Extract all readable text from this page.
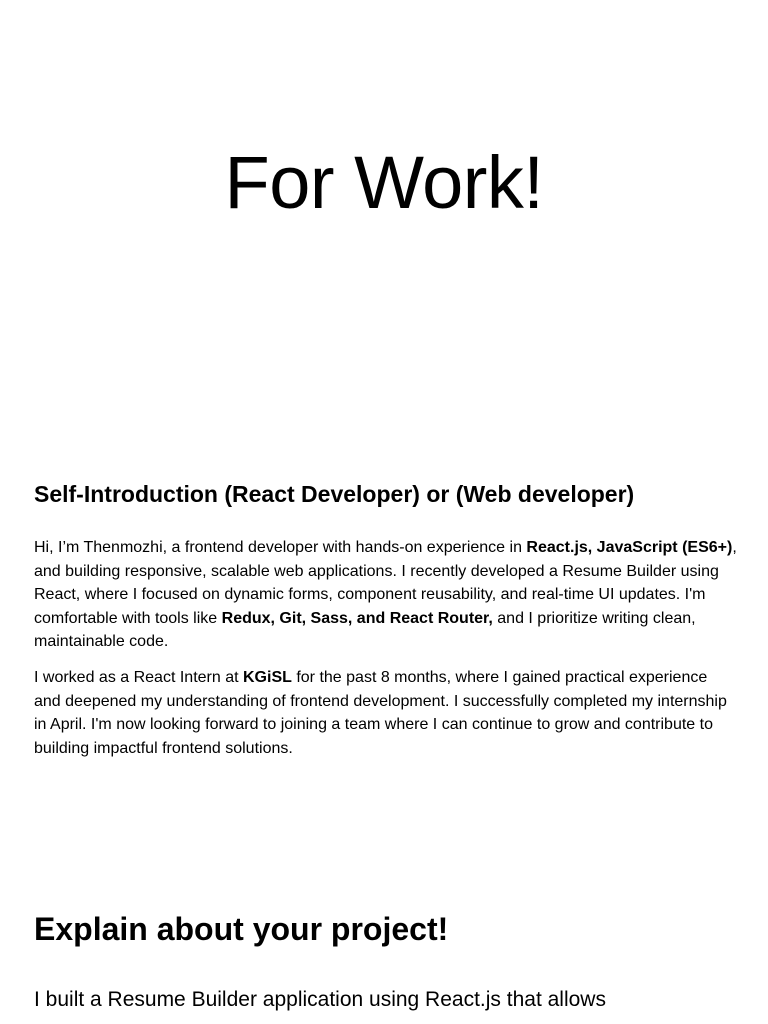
For Work!
Self-Introduction (React Developer) or (Web developer)

Hi, I’m Thenmozhi, a frontend developer with hands-on experience in React.js, JavaScript (ES6+), and building responsive, scalable web applications. I recently developed a Resume Builder using React, where I focused on dynamic forms, component reusability, and real-time UI updates. I'm comfortable with tools like Redux, Git, Sass, and React Router, and I prioritize writing clean, maintainable code.

I worked as a React Intern at KGiSL for the past 8 months, where I gained practical experience and deepened my understanding of frontend development. I successfully completed my internship in April. I'm now looking forward to joining a team where I can continue to grow and contribute to building impactful frontend solutions.

Explain about your project!

I built a Resume Builder application using React.js that allows
